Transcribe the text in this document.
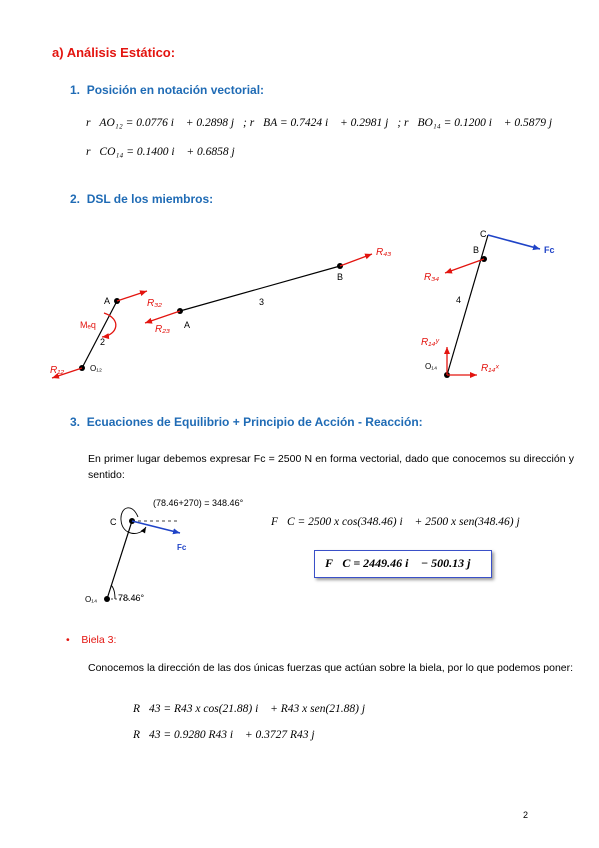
a) Análisis Estático:
1. Posición en notación vectorial:
r⃗AO₁₂ = 0.0776 i⃗ + 0.2898 j⃗; r⃗BA = 0.7424 i⃗ + 0.2981 j⃗; r⃗BO₁₄ = 0.1200 i⃗ + 0.5879 j⃗
r⃗CO₁₄ = 0.1400 i⃗ + 0.6858 j⃗
2. DSL de los miembros:
A
2
O₁₂
R₃₂
R₁₂
Mₑq	A
B
3
R₂₃
R₄₃
C
B
4
O₁₄
Fc
R₃₄
R₁₄ʸ
R₁₄ˣ
3. Ecuaciones de Equilibrio + Principio de Acción - Reacción:
En primer lugar debemos expresar Fc = 2500 N en forma vectorial, dado que conocemos su dirección y sentido:
(78.46+270) = 348.46°
C
Fc
O₁₄ 78.46°
F⃗C = 2500 x cos(348.46) i⃗ + 2500 x sen(348.46) j⃗
F⃗C = 2449.46 i⃗ − 500.13 j⃗
• Biela 3:
Conocemos la dirección de las dos únicas fuerzas que actúan sobre la biela, por lo que podemos poner:
R⃗43 = R43 x cos(21.88) i⃗ + R43 x sen(21.88) j⃗
R⃗43 = 0.9280 R43 i⃗ + 0.3727 R43 j⃗
2
